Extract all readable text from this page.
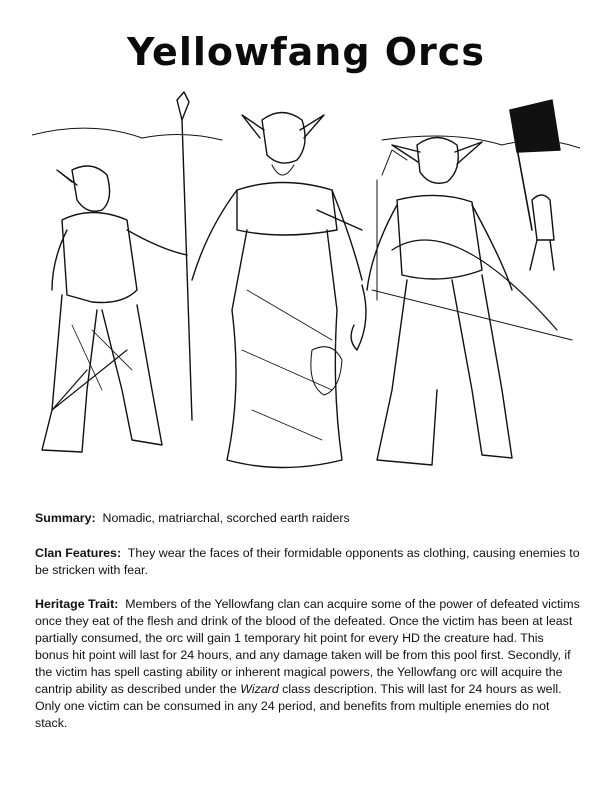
Yellowfang Orcs
Summary: Nomadic, matriarchal, scorched earth raiders
Clan Features: They wear the faces of their formidable opponents as clothing, causing enemies to be stricken with fear.
Heritage Trait: Members of the Yellowfang clan can acquire some of the power of defeated victims once they eat of the flesh and drink of the blood of the defeated. Once the victim has been at least partially consumed, the orc will gain 1 temporary hit point for every HD the creature had. This bonus hit point will last for 24 hours, and any damage taken will be from this pool first. Secondly, if the victim has spell casting ability or inherent magical powers, the Yellowfang orc will acquire the cantrip ability as described under the Wizard class description. This will last for 24 hours as well. Only one victim can be consumed in any 24 period, and benefits from multiple enemies do not stack.
